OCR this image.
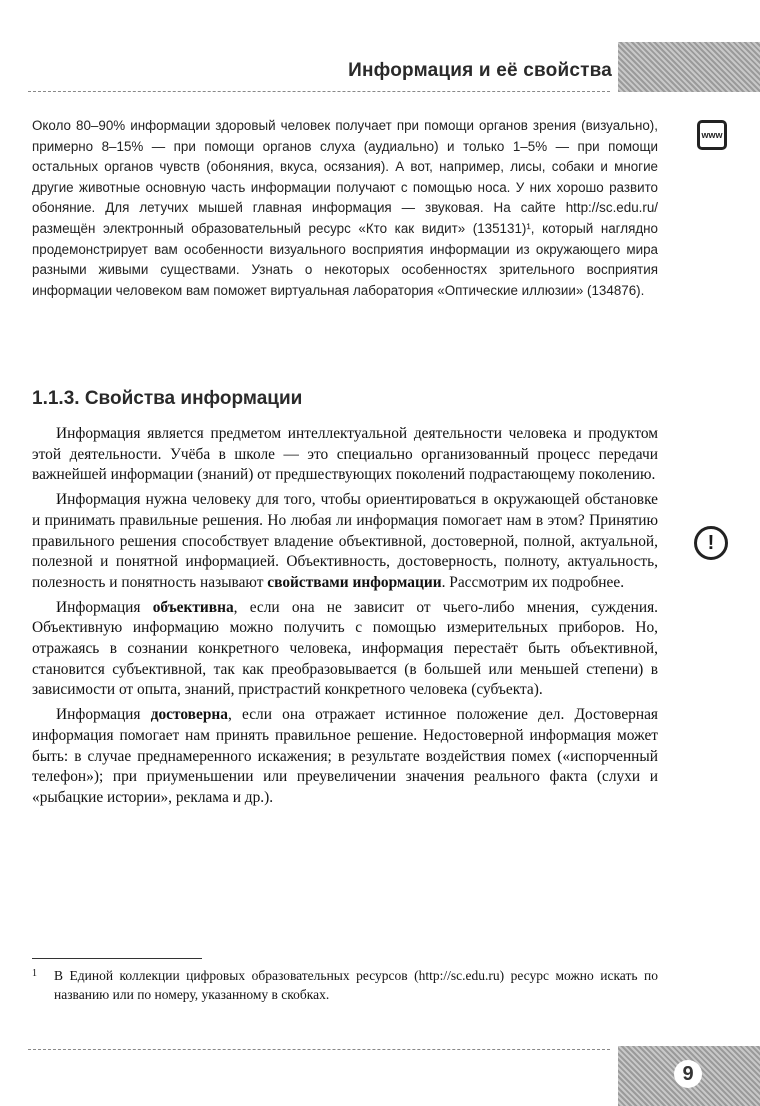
Информация и её свойства
www
Около 80–90% информации здоровый человек получает при помощи органов зрения (визуально), примерно 8–15% — при помощи органов слуха (аудиально) и только 1–5% — при помощи остальных органов чувств (обоняния, вкуса, осязания). А вот, например, лисы, собаки и многие другие животные основную часть информации получают с помощью носа. У них хорошо развито обоняние. Для летучих мышей главная информация — звуковая. На сайте http://sc.edu.ru/ размещён электронный образовательный ресурс «Кто как видит» (135131)¹, который наглядно продемонстрирует вам особенности визуального восприятия информации из окружающего мира разными живыми существами. Узнать о некоторых особенностях зрительного восприятия информации человеком вам поможет виртуальная лаборатория «Оптические иллюзии» (134876).
1.1.3. Свойства информации

Информация является предметом интеллектуальной деятельности человека и продуктом этой деятельности. Учёба в школе — это специально организованный процесс передачи важнейшей информации (знаний) от предшествующих поколений подрастающему поколению.

Информация нужна человеку для того, чтобы ориентироваться в окружающей обстановке и принимать правильные решения. Но любая ли информация помогает нам в этом? Принятию правильного решения способствует владение объективной, достоверной, полной, актуальной, полезной и понятной информацией. Объективность, достоверность, полноту, актуальность, полезность и понятность называют свойствами информации. Рассмотрим их подробнее.

Информация объективна, если она не зависит от чьего-либо мнения, суждения. Объективную информацию можно получить с помощью измерительных приборов. Но, отражаясь в сознании конкретного человека, информация перестаёт быть объективной, становится субъективной, так как преобразовывается (в большей или меньшей степени) в зависимости от опыта, знаний, пристрастий конкретного человека (субъекта).

Информация достоверна, если она отражает истинное положение дел. Достоверная информация помогает нам принять правильное решение. Недостоверной информация может быть: в случае преднамеренного искажения; в результате воздействия помех («испорченный телефон»); при приуменьшении или преувеличении значения реального факта (слухи и «рыбацкие истории», реклама и др.).

!
1 В Единой коллекции цифровых образовательных ресурсов (http://sc.edu.ru) ресурс можно искать по названию или по номеру, указанному в скобках.
9
